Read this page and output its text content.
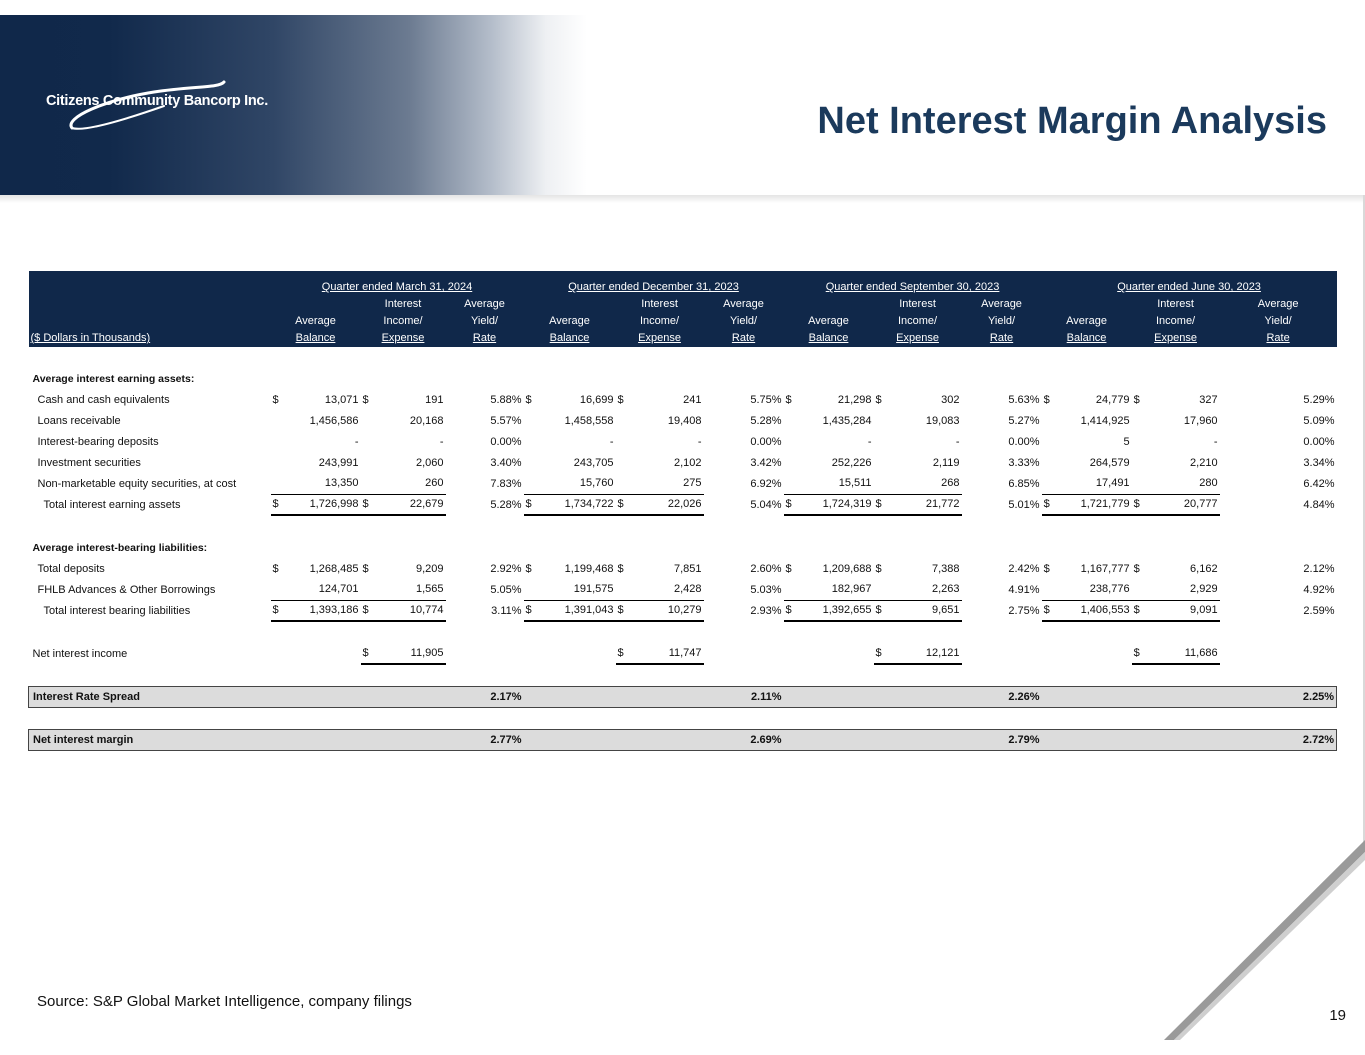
Citizens Community Bancorp Inc.	Net Interest Margin Analysis
	Quarter ended March 31, 2024			Quarter ended December 31, 2023			Quarter ended September 30, 2023			Quarter ended June 30, 2023		
		Interest	Average		Interest	Average		Interest	Average		Interest	Average
	Average	Income/	Yield/	Average	Income/	Yield/	Average	Income/	Yield/	Average	Income/	Yield/
($ Dollars in Thousands)	Balance	Expense	Rate	Balance	Expense	Rate	Balance	Expense	Rate	Balance	Expense	Rate

Average interest earning assets:												
Cash and cash equivalents	$ 13,071	$ 191	5.88%	$ 16,699	$ 241	5.75%	$ 21,298	$ 302	5.63%	$ 24,779	$ 327	5.29%
Loans receivable	1,456,586	20,168	5.57%	1,458,558	19,408	5.28%	1,435,284	19,083	5.27%	1,414,925	17,960	5.09%
Interest-bearing deposits	-	-	0.00%	-	-	0.00%	-	-	0.00%	5	-	0.00%
Investment securities	243,991	2,060	3.40%	243,705	2,102	3.42%	252,226	2,119	3.33%	264,579	2,210	3.34%
Non-marketable equity securities, at cost	13,350	260	7.83%	15,760	275	6.92%	15,511	268	6.85%	17,491	280	6.42%
Total interest earning assets	$ 1,726,998	$ 22,679	5.28%	$ 1,734,722	$ 22,026	5.04%	$ 1,724,319	$ 21,772	5.01%	$ 1,721,779	$ 20,777	4.84%

Average interest-bearing liabilities:												
Total deposits	$ 1,268,485	$ 9,209	2.92%	$ 1,199,468	$ 7,851	2.60%	$ 1,209,688	$ 7,388	2.42%	$ 1,167,777	$ 6,162	2.12%
FHLB Advances & Other Borrowings	124,701	1,565	5.05%	191,575	2,428	5.03%	182,967	2,263	4.91%	238,776	2,929	4.92%
Total interest bearing liabilities	$ 1,393,186	$ 10,774	3.11%	$ 1,391,043	$ 10,279	2.93%	$ 1,392,655	$ 9,651	2.75%	$ 1,406,553	$ 9,091	2.59%

Net interest income		$ 11,905			$ 11,747			$ 12,121			$ 11,686	

Interest Rate Spread			2.17%			2.11%			2.26%			2.25%

Net interest margin			2.77%			2.69%			2.79%			2.72%
Source: S&P Global Market Intelligence, company filings
19
